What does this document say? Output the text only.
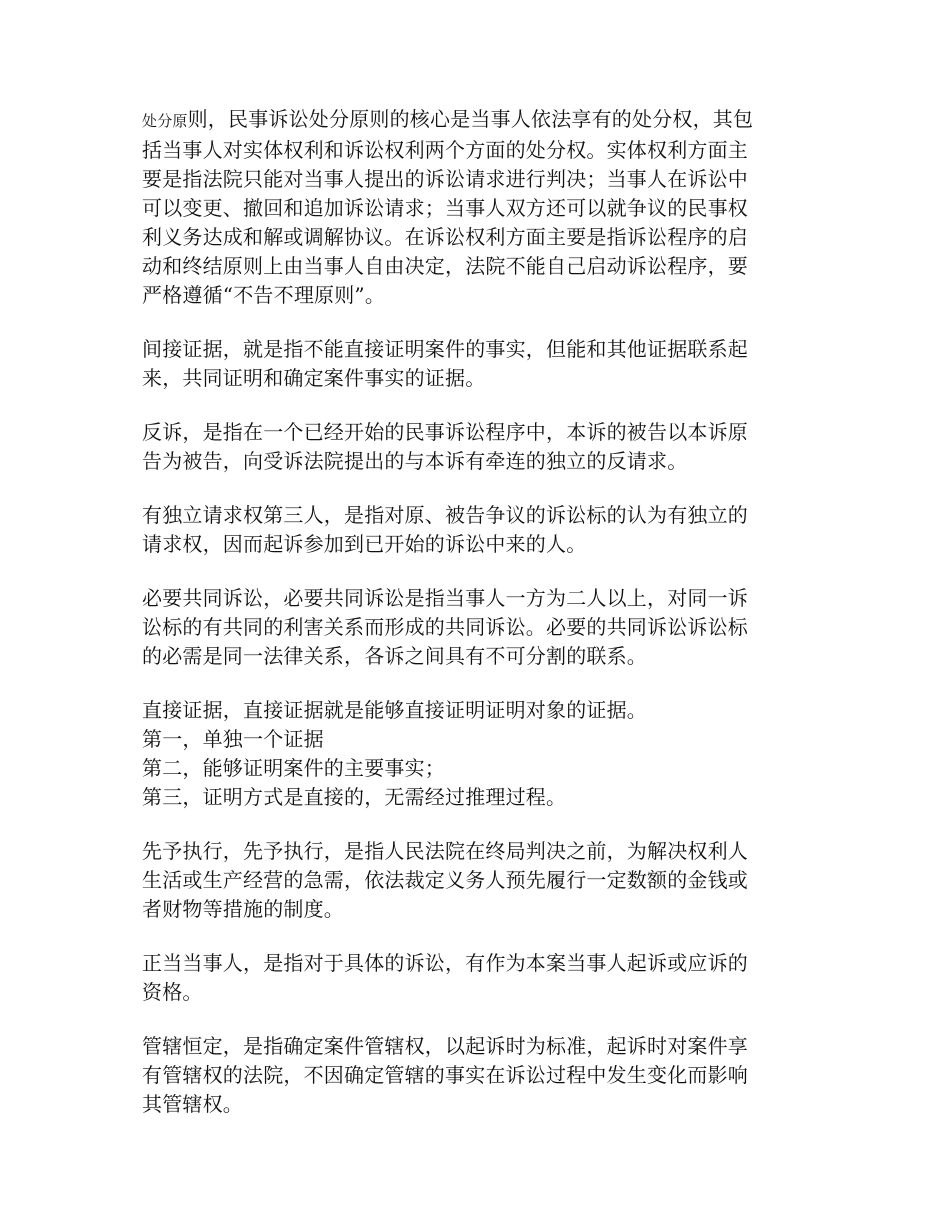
处分原则，民事诉讼处分原则的核心是当事人依法享有的处分权，其包
括当事人对实体权利和诉讼权利两个方面的处分权。实体权利方面主
要是指法院只能对当事人提出的诉讼请求进行判决；当事人在诉讼中
可以变更、撤回和追加诉讼请求；当事人双方还可以就争议的民事权
利义务达成和解或调解协议。在诉讼权利方面主要是指诉讼程序的启
动和终结原则上由当事人自由决定，法院不能自己启动诉讼程序，要
严格遵循“不告不理原则”。
间接证据，就是指不能直接证明案件的事实，但能和其他证据联系起
来，共同证明和确定案件事实的证据。
反诉，是指在一个已经开始的民事诉讼程序中，本诉的被告以本诉原
告为被告，向受诉法院提出的与本诉有牵连的独立的反请求。
有独立请求权第三人，是指对原、被告争议的诉讼标的认为有独立的
请求权，因而起诉参加到已开始的诉讼中来的人。
必要共同诉讼，必要共同诉讼是指当事人一方为二人以上，对同一诉
讼标的有共同的利害关系而形成的共同诉讼。必要的共同诉讼诉讼标
的必需是同一法律关系，各诉之间具有不可分割的联系。
直接证据，直接证据就是能够直接证明证明对象的证据。
第一，单独一个证据
第二，能够证明案件的主要事实；
第三，证明方式是直接的，无需经过推理过程。
先予执行，先予执行，是指人民法院在终局判决之前，为解决权利人
生活或生产经营的急需，依法裁定义务人预先履行一定数额的金钱或
者财物等措施的制度。
正当当事人，是指对于具体的诉讼，有作为本案当事人起诉或应诉的
资格。
管辖恒定，是指确定案件管辖权，以起诉时为标准，起诉时对案件享
有管辖权的法院，不因确定管辖的事实在诉讼过程中发生变化而影响
其管辖权。
